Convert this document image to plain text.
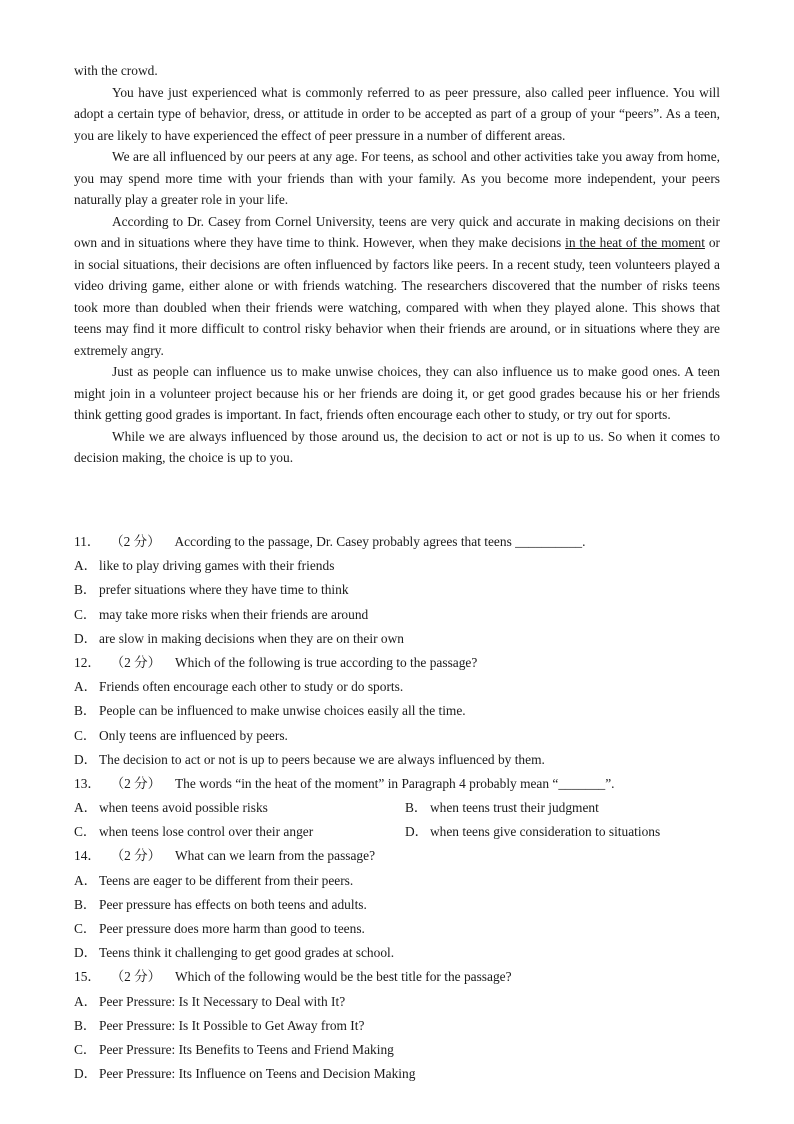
with the crowd.

You have just experienced what is commonly referred to as peer pressure, also called peer influence. You will adopt a certain type of behavior, dress, or attitude in order to be accepted as part of a group of your “peers”. As a teen, you are likely to have experienced the effect of peer pressure in a number of different areas.

We are all influenced by our peers at any age. For teens, as school and other activities take you away from home, you may spend more time with your friends than with your family. As you become more independent, your peers naturally play a greater role in your life.

According to Dr. Casey from Cornel University, teens are very quick and accurate in making decisions on their own and in situations where they have time to think. However, when they make decisions in the heat of the moment or in social situations, their decisions are often influenced by factors like peers. In a recent study, teen volunteers played a video driving game, either alone or with friends watching. The researchers discovered that the number of risks teens took more than doubled when their friends were watching, compared with when they played alone. This shows that teens may find it more difficult to control risky behavior when their friends are around, or in situations where they are extremely angry.

Just as people can influence us to make unwise choices, they can also influence us to make good ones. A teen might join in a volunteer project because his or her friends are doing it, or get good grades because his or her friends think getting good grades is important. In fact, friends often encourage each other to study, or try out for sports.

While we are always influenced by those around us, the decision to act or not is up to us. So when it comes to decision making, the choice is up to you.

11． （2 分） According to the passage, Dr. Casey probably agrees that teens __________.
A． like to play driving games with their friends
B． prefer situations where they have time to think
C． may take more risks when their friends are around
D． are slow in making decisions when they are on their own
12． （2 分） Which of the following is true according to the passage?
A． Friends often encourage each other to study or do sports.
B． People can be influenced to make unwise choices easily all the time.
C． Only teens are influenced by peers.
D． The decision to act or not is up to peers because we are always influenced by them.
13． （2 分） The words “in the heat of the moment” in Paragraph 4 probably mean “_______”.
A． when teens avoid possible risks	B． when teens trust their judgment
C． when teens lose control over their anger	D． when teens give consideration to situations
14． （2 分） What can we learn from the passage?
A． Teens are eager to be different from their peers.
B． Peer pressure has effects on both teens and adults.
C． Peer pressure does more harm than good to teens.
D． Teens think it challenging to get good grades at school.
15． （2 分） Which of the following would be the best title for the passage?
A． Peer Pressure: Is It Necessary to Deal with It?
B． Peer Pressure: Is It Possible to Get Away from It?
C． Peer Pressure: Its Benefits to Teens and Friend Making
D． Peer Pressure: Its Influence on Teens and Decision Making
